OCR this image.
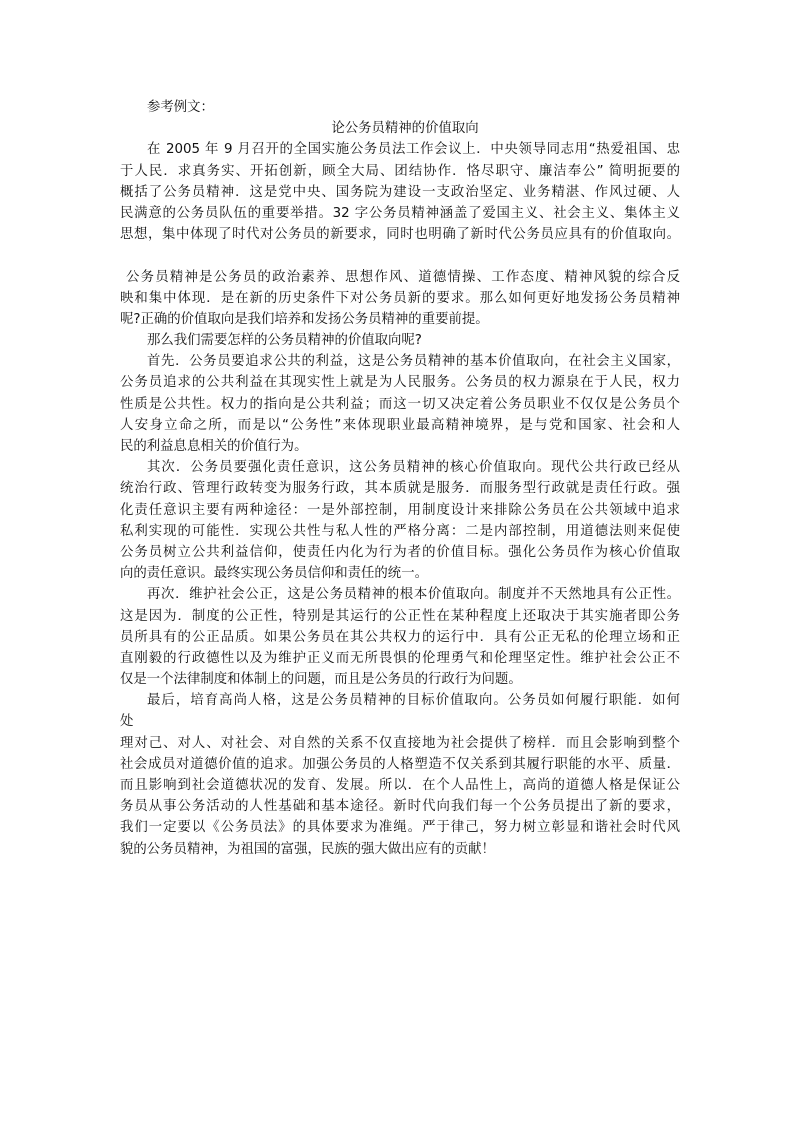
参考例文：
论公务员精神的价值取向
在 2005 年 9 月召开的全国实施公务员法工作会议上．中央领导同志用“热爱祖国、忠
于人民．求真务实、开拓创新，顾全大局、团结协作．恪尽职守、廉洁奉公” 简明扼要的
概括了公务员精神．这是党中央、国务院为建设一支政治坚定、业务精湛、作风过硬、人
民满意的公务员队伍的重要举措。32 字公务员精神涵盖了爱国主义、社会主义、集体主义
思想，集中体现了时代对公务员的新要求，同时也明确了新时代公务员应具有的价值取向。
公务员精神是公务员的政治素养、思想作风、道德情操、工作态度、精神风貌的综合反
映和集中体现．是在新的历史条件下对公务员新的要求。那么如何更好地发扬公务员精神
呢?正确的价值取向是我们培养和发扬公务员精神的重要前提。
那么我们需要怎样的公务员精神的价值取向呢?
首先．公务员要追求公共的利益，这是公务员精神的基本价值取向，在社会主义国家，
公务员追求的公共利益在其现实性上就是为人民服务。公务员的权力源泉在于人民，权力
性质是公共性。权力的指向是公共利益；而这一切又决定着公务员职业不仅仅是公务员个
人安身立命之所，而是以“公务性”来体现职业最高精神境界，是与党和国家、社会和人
民的利益息息相关的价值行为。
其次．公务员要强化责任意识，这公务员精神的核心价值取向。现代公共行政已经从
统治行政、管理行政转变为服务行政，其本质就是服务．而服务型行政就是责任行政。强
化责任意识主要有两种途径：一是外部控制，用制度设计来排除公务员在公共领域中追求
私利实现的可能性．实现公共性与私人性的严格分离：二是内部控制，用道德法则来促使
公务员树立公共利益信仰，使责任内化为行为者的价值目标。强化公务员作为核心价值取
向的责任意识。最终实现公务员信仰和责任的统一。
再次．维护社会公正，这是公务员精神的根本价值取向。制度并不天然地具有公正性。
这是因为．制度的公正性，特别是其运行的公正性在某种程度上还取决于其实施者即公务
员所具有的公正品质。如果公务员在其公共权力的运行中．具有公正无私的伦理立场和正
直刚毅的行政德性以及为维护正义而无所畏惧的伦理勇气和伦理坚定性。维护社会公正不
仅是一个法律制度和体制上的问题，而且是公务员的行政行为问题。
最后，培育高尚人格，这是公务员精神的目标价值取向。公务员如何履行职能．如何
处
理对己、对人、对社会、对自然的关系不仅直接地为社会提供了榜样．而且会影响到整个
社会成员对道德价值的追求。加强公务员的人格塑造不仅关系到其履行职能的水平、质量．
而且影响到社会道德状况的发育、发展。所以．在个人品性上，高尚的道德人格是保证公
务员从事公务活动的人性基础和基本途径。新时代向我们每一个公务员提出了新的要求，
我们一定要以《公务员法》的具体要求为准绳。严于律己，努力树立彰显和谐社会时代风
貌的公务员精神，为祖国的富强，民族的强大做出应有的贡献！
